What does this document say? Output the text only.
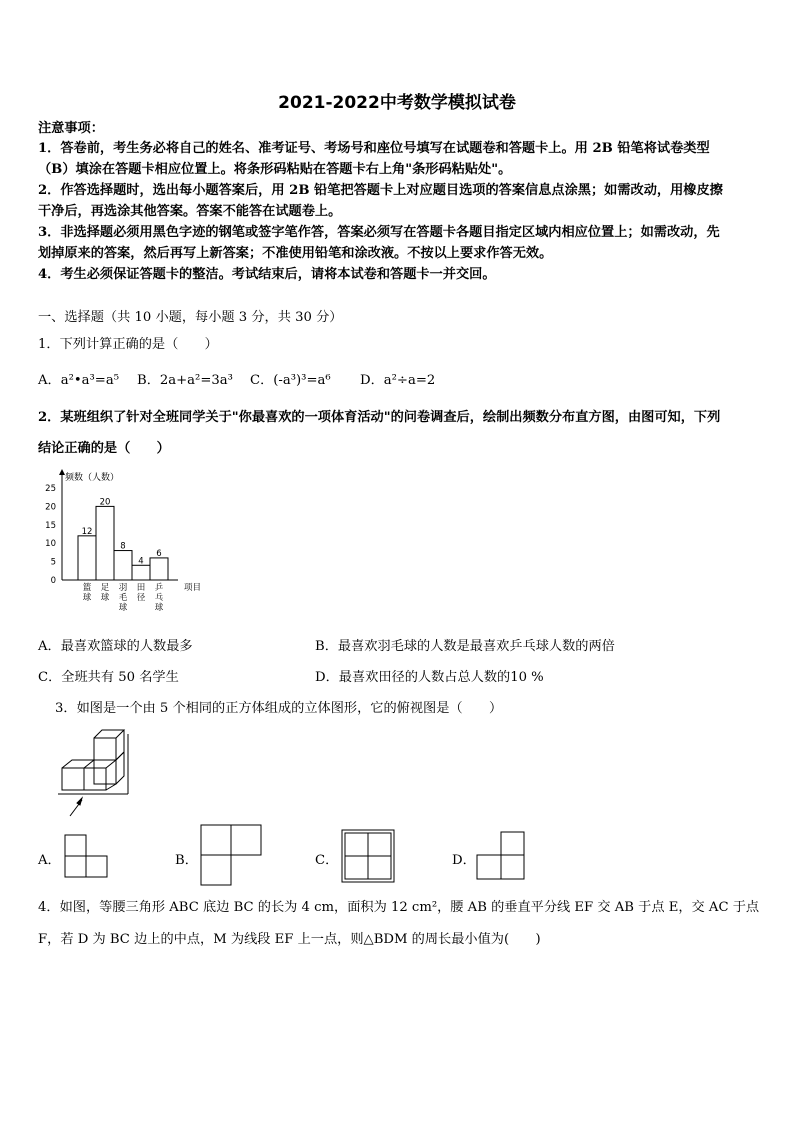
2021-2022中考数学模拟试卷
注意事项：
1．答卷前，考生务必将自己的姓名、准考证号、考场号和座位号填写在试题卷和答题卡上。用 2B 铅笔将试卷类型
（B）填涂在答题卡相应位置上。将条形码粘贴在答题卡右上角"条形码粘贴处"。
2．作答选择题时，选出每小题答案后，用 2B 铅笔把答题卡上对应题目选项的答案信息点涂黑；如需改动，用橡皮擦
干净后，再选涂其他答案。答案不能答在试题卷上。
3．非选择题必须用黑色字迹的钢笔或签字笔作答，答案必须写在答题卡各题目指定区域内相应位置上；如需改动，先
划掉原来的答案，然后再写上新答案；不准使用铅笔和涂改液。不按以上要求作答无效。
4．考生必须保证答题卡的整洁。考试结束后，请将本试卷和答题卡一并交回。
一、选择题（共 10 小题，每小题 3 分，共 30 分）
1．下列计算正确的是（　　）
A．a²•a³=a⁵ B．2a+a²=3a³ C．(-a³)³=a⁶ D．a²÷a=2
2．某班组织了针对全班同学关于"你最喜欢的一项体育活动"的问卷调查后，绘制出频数分布直方图，由图可知，下列
结论正确的是（　　）
频数（人数）
0
5
10
15
20
25
12
篮
球
20
足
球
8
羽
毛
球
4
田
径
6
乒
乓
球
项目
A．最喜欢篮球的人数最多	B．最喜欢羽毛球的人数是最喜欢乒乓球人数的两倍
C．全班共有 50 名学生	D．最喜欢田径的人数占总人数的10 %
3．如图是一个由 5 个相同的正方体组成的立体图形，它的俯视图是（　　）
A．	B．	C．	D．
4．如图，等腰三角形 ABC 底边 BC 的长为 4 cm，面积为 12 cm²，腰 AB 的垂直平分线 EF 交 AB 于点 E，交 AC 于点
F，若 D 为 BC 边上的中点，M 为线段 EF 上一点，则△BDM 的周长最小值为(　　)
